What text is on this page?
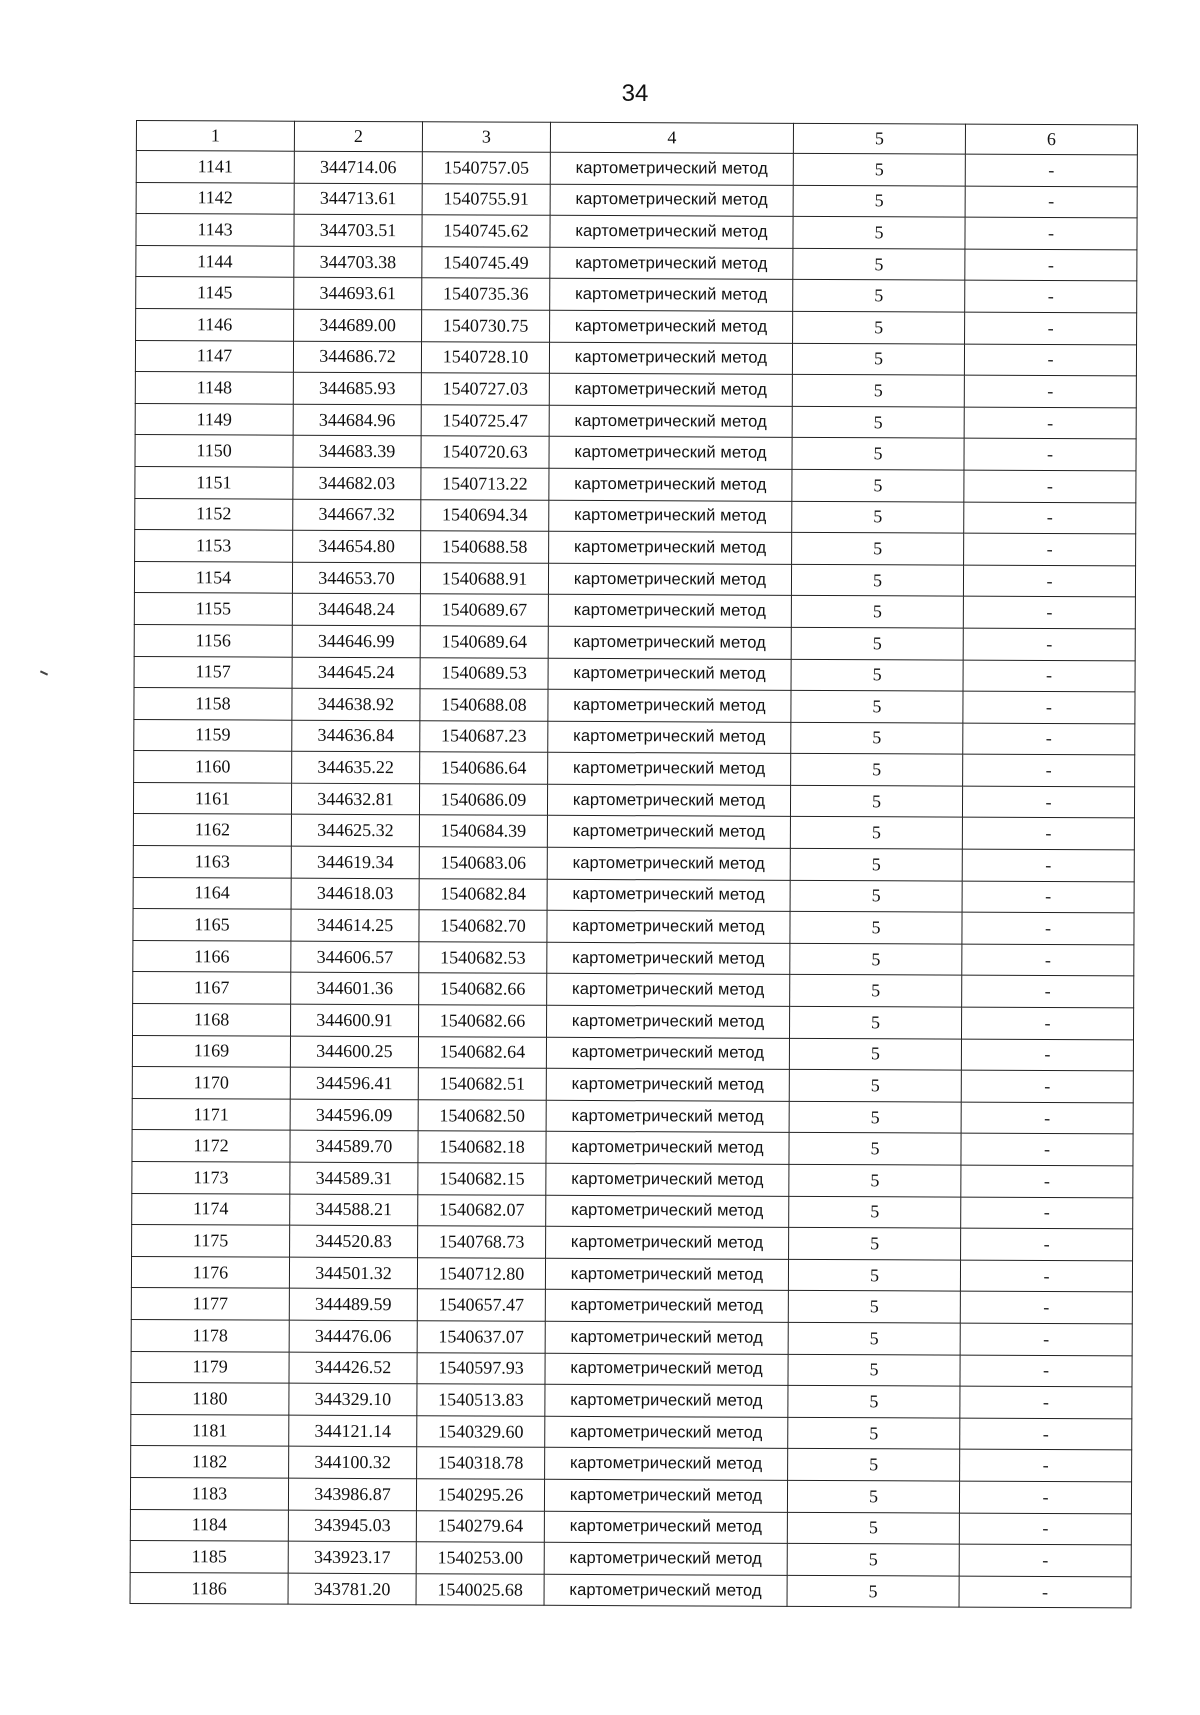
34
1	2	3	4	5	6
1141	344714.06	1540757.05	картометрический метод	5	-
1142	344713.61	1540755.91	картометрический метод	5	-
1143	344703.51	1540745.62	картометрический метод	5	-
1144	344703.38	1540745.49	картометрический метод	5	-
1145	344693.61	1540735.36	картометрический метод	5	-
1146	344689.00	1540730.75	картометрический метод	5	-
1147	344686.72	1540728.10	картометрический метод	5	-
1148	344685.93	1540727.03	картометрический метод	5	-
1149	344684.96	1540725.47	картометрический метод	5	-
1150	344683.39	1540720.63	картометрический метод	5	-
1151	344682.03	1540713.22	картометрический метод	5	-
1152	344667.32	1540694.34	картометрический метод	5	-
1153	344654.80	1540688.58	картометрический метод	5	-
1154	344653.70	1540688.91	картометрический метод	5	-
1155	344648.24	1540689.67	картометрический метод	5	-
1156	344646.99	1540689.64	картометрический метод	5	-
1157	344645.24	1540689.53	картометрический метод	5	-
1158	344638.92	1540688.08	картометрический метод	5	-
1159	344636.84	1540687.23	картометрический метод	5	-
1160	344635.22	1540686.64	картометрический метод	5	-
1161	344632.81	1540686.09	картометрический метод	5	-
1162	344625.32	1540684.39	картометрический метод	5	-
1163	344619.34	1540683.06	картометрический метод	5	-
1164	344618.03	1540682.84	картометрический метод	5	-
1165	344614.25	1540682.70	картометрический метод	5	-
1166	344606.57	1540682.53	картометрический метод	5	-
1167	344601.36	1540682.66	картометрический метод	5	-
1168	344600.91	1540682.66	картометрический метод	5	-
1169	344600.25	1540682.64	картометрический метод	5	-
1170	344596.41	1540682.51	картометрический метод	5	-
1171	344596.09	1540682.50	картометрический метод	5	-
1172	344589.70	1540682.18	картометрический метод	5	-
1173	344589.31	1540682.15	картометрический метод	5	-
1174	344588.21	1540682.07	картометрический метод	5	-
1175	344520.83	1540768.73	картометрический метод	5	-
1176	344501.32	1540712.80	картометрический метод	5	-
1177	344489.59	1540657.47	картометрический метод	5	-
1178	344476.06	1540637.07	картометрический метод	5	-
1179	344426.52	1540597.93	картометрический метод	5	-
1180	344329.10	1540513.83	картометрический метод	5	-
1181	344121.14	1540329.60	картометрический метод	5	-
1182	344100.32	1540318.78	картометрический метод	5	-
1183	343986.87	1540295.26	картометрический метод	5	-
1184	343945.03	1540279.64	картометрический метод	5	-
1185	343923.17	1540253.00	картометрический метод	5	-
1186	343781.20	1540025.68	картометрический метод	5	-
